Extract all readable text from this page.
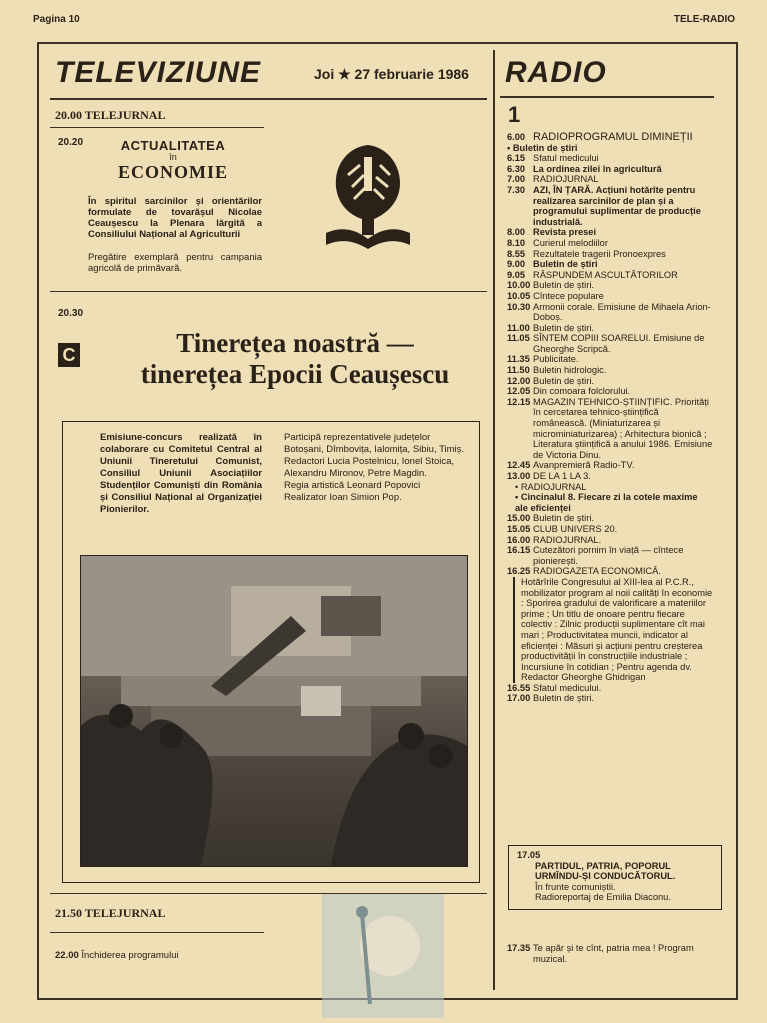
Pagina 10	TELE-RADIO
TELEVIZIUNE	Joi ★ 27 februarie 1986
20.00 TELEJURNAL
20.20	ACTUALITATEA
în
ECONOMIE
În spiritul sarcinilor și orientărilor formulate de tovarășul Nicolae Ceaușescu la Plenara lărgită a Consiliului Național al Agriculturii
Pregătire exemplară pentru campania agricolă de primăvară.
20.30
C	Tinerețea noastră —
tinerețea Epocii Ceaușescu
Emisiune-concurs realizată în colaborare cu Comitetul Central al Uniunii Tineretului Comunist, Consiliul Uniunii Asociațiilor Studenților Comuniști din România și Consiliul Național al Organizației Pionierilor.
Participă reprezentativele județelor Botoșani, Dîmbovița, Ialomița, Sibiu, Timiș.
Redactori Lucia Postelnicu, Ionel Stoica, Alexandru Mironov, Petre Magdin.
Regia artistică Leonard Popovici
Realizator Ioan Simion Pop.
21.50 TELEJURNAL
22.00 Închiderea programului
RADIO
1
6.00 RADIOPROGRAMUL DIMINEȚII
• Buletin de știri
6.15 Sfatul medicului
6.30 La ordinea zilei în agricultură
7.00 RADIOJURNAL
7.30 AZI, ÎN ȚARĂ. Acțiuni hotărîte pentru realizarea sarcinilor de plan și a programului suplimentar de producție industrială.
8.00 Revista presei
8.10 Curierul melodiilor
8.55 Rezultatele tragerii Pronoexpres
9.00 Buletin de știri
9.05 RĂSPUNDEM ASCULTĂTORILOR
10.00 Buletin de știri.
10.05 Cîntece populare
10.30 Armonii corale. Emisiune de Mihaela Arion-Doboș.
11.00 Buletin de știri.
11.05 SÎNTEM COPIII SOARELUI. Emisiune de Gheorghe Scripcă.
11.35 Publicitate.
11.50 Buletin hidrologic.
12.00 Buletin de știri.
12.05 Din comoara folclorului.
12.15 MAGAZIN TEHNICO-ȘTIINȚIFIC. Priorități în cercetarea tehnico-științifică românească. (Miniaturizarea și microminiaturizarea) ; Arhitectura bionică ; Literatura științifică a anului 1986. Emisiune de Victoria Dinu.
12.45 Avanpremieră Radio-TV.
13.00 DE LA 1 LA 3.
• RADIOJURNAL
• Cincinalul 8. Fiecare zi la cotele maxime ale eficienței
15.00 Buletin de știri.
15.05 CLUB UNIVERS 20.
16.00 RADIOJURNAL.
16.15 Cutezători pornim în viață — cîntece pionierești.
16.25 RADIOGAZETA ECONOMICĂ.
Hotărîrile Congresului al XIII-lea al P.C.R., mobilizator program al noii calități în economie : Sporirea gradului de valorificare a materiilor prime ; Un titlu de onoare pentru fiecare colectiv : Zilnic producții suplimentare cît mai mari ; Productivitatea muncii, indicator al eficienței : Măsuri și acțiuni pentru creșterea productivității în construcțiile industriale ; Incursiune în cotidian ; Pentru agenda dv. Redactor Gheorghe Ghidrigan
16.55 Sfatul medicului.
17.00 Buletin de știri.
17.05
PARTIDUL, PATRIA, POPORUL URMÎNDU-ȘI CONDUCĂTORUL.
În frunte comuniștii.
Radioreportaj de Emilia Diaconu.
17.35 Te apăr și te cînt, patria mea ! Program muzical.
